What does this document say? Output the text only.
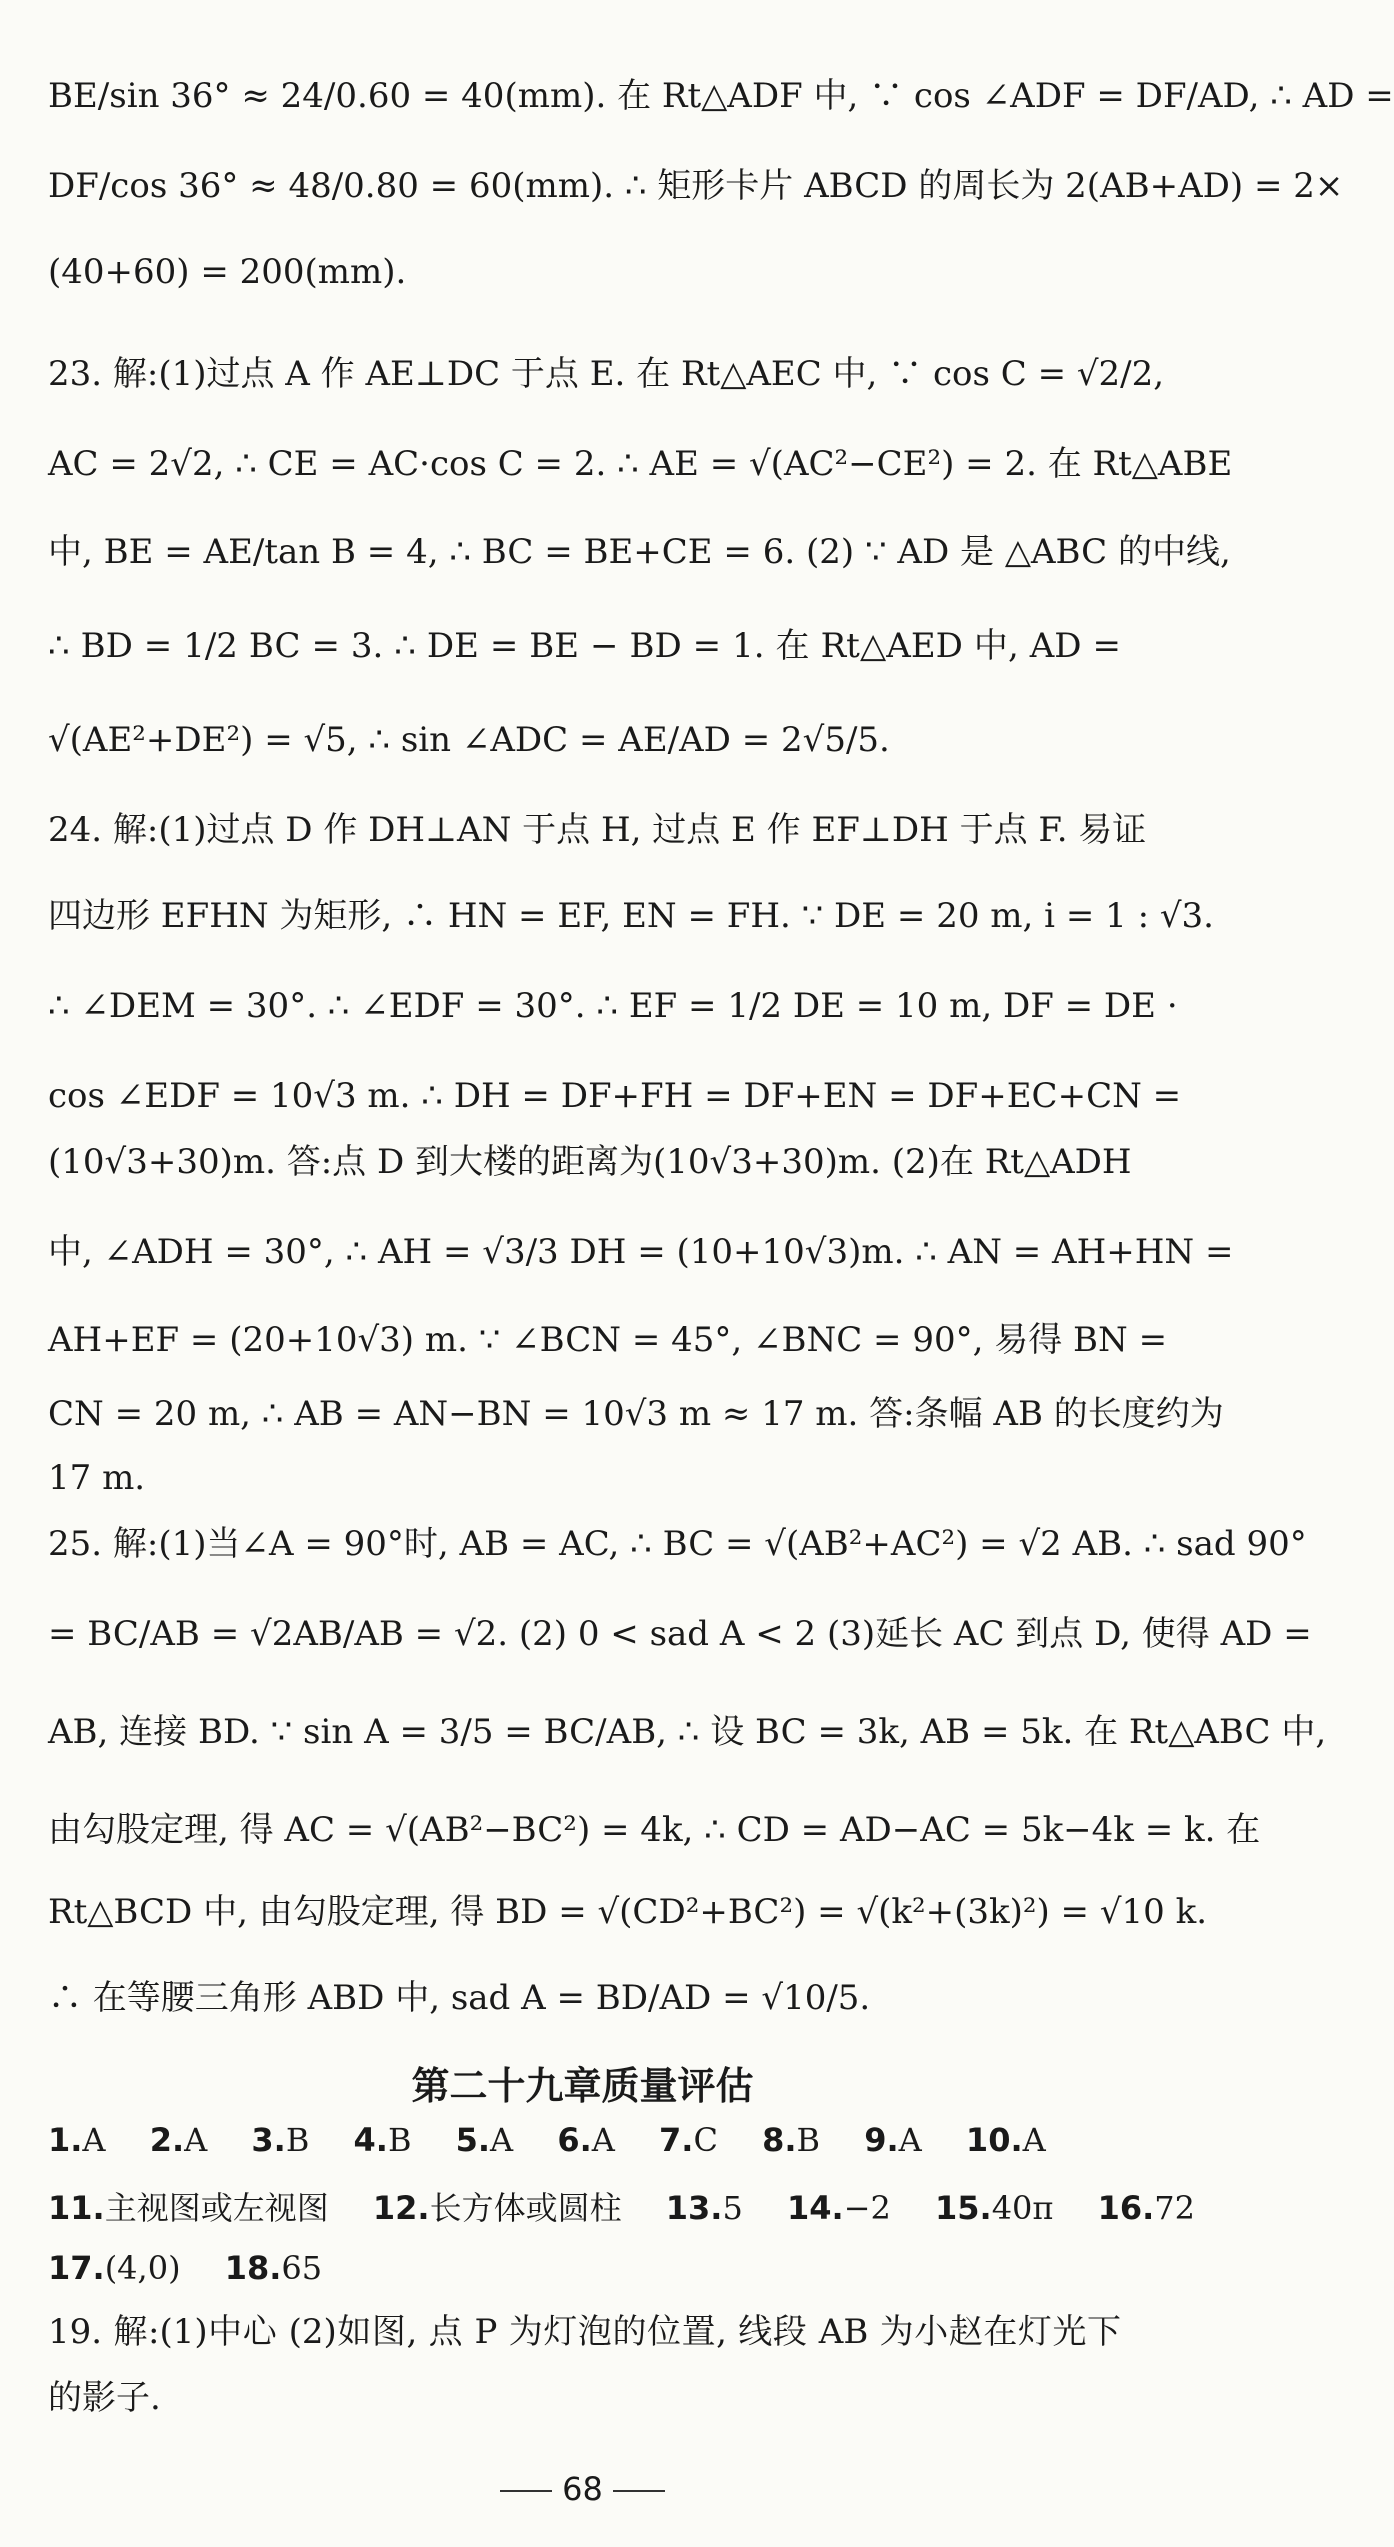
BE/sin 36° ≈ 24/0.60 = 40(mm). 在 Rt△ADF 中, ∵ cos ∠ADF = DF/AD, ∴ AD =
DF/cos 36° ≈ 48/0.80 = 60(mm). ∴ 矩形卡片 ABCD 的周长为 2(AB+AD) = 2×
(40+60) = 200(mm).
23. 解:(1)过点 A 作 AE⊥DC 于点 E. 在 Rt△AEC 中, ∵ cos C = √2/2,
AC = 2√2, ∴ CE = AC·cos C = 2. ∴ AE = √(AC²−CE²) = 2. 在 Rt△ABE
中, BE = AE/tan B = 4, ∴ BC = BE+CE = 6. (2) ∵ AD 是 △ABC 的中线,
∴ BD = 1/2 BC = 3. ∴ DE = BE − BD = 1. 在 Rt△AED 中, AD =
√(AE²+DE²) = √5, ∴ sin ∠ADC = AE/AD = 2√5/5.
24. 解:(1)过点 D 作 DH⊥AN 于点 H, 过点 E 作 EF⊥DH 于点 F. 易证
四边形 EFHN 为矩形, ∴ HN = EF, EN = FH. ∵ DE = 20 m, i = 1 : √3.
∴ ∠DEM = 30°. ∴ ∠EDF = 30°. ∴ EF = 1/2 DE = 10 m, DF = DE ·
cos ∠EDF = 10√3 m. ∴ DH = DF+FH = DF+EN = DF+EC+CN =
(10√3+30)m. 答:点 D 到大楼的距离为(10√3+30)m. (2)在 Rt△ADH
中, ∠ADH = 30°, ∴ AH = √3/3 DH = (10+10√3)m. ∴ AN = AH+HN =
AH+EF = (20+10√3) m. ∵ ∠BCN = 45°, ∠BNC = 90°, 易得 BN =
CN = 20 m, ∴ AB = AN−BN = 10√3 m ≈ 17 m. 答:条幅 AB 的长度约为
17 m.
25. 解:(1)当∠A = 90°时, AB = AC, ∴ BC = √(AB²+AC²) = √2 AB. ∴ sad 90°
= BC/AB = √2AB/AB = √2. (2) 0 < sad A < 2 (3)延长 AC 到点 D, 使得 AD =
AB, 连接 BD. ∵ sin A = 3/5 = BC/AB, ∴ 设 BC = 3k, AB = 5k. 在 Rt△ABC 中,
由勾股定理, 得 AC = √(AB²−BC²) = 4k, ∴ CD = AD−AC = 5k−4k = k. 在
Rt△BCD 中, 由勾股定理, 得 BD = √(CD²+BC²) = √(k²+(3k)²) = √10 k.
∴ 在等腰三角形 ABD 中, sad A = BD/AD = √10/5.
第二十九章质量评估
1.A 2.A 3.B 4.B 5.A 6.A 7.C 8.B 9.A 10.A
11.主视图或左视图 12.长方体或圆柱 13.5 14.−2 15.40π 16.72
17.(4,0) 18.65
19. 解:(1)中心 (2)如图, 点 P 为灯泡的位置, 线段 AB 为小赵在灯光下
的影子.
68
